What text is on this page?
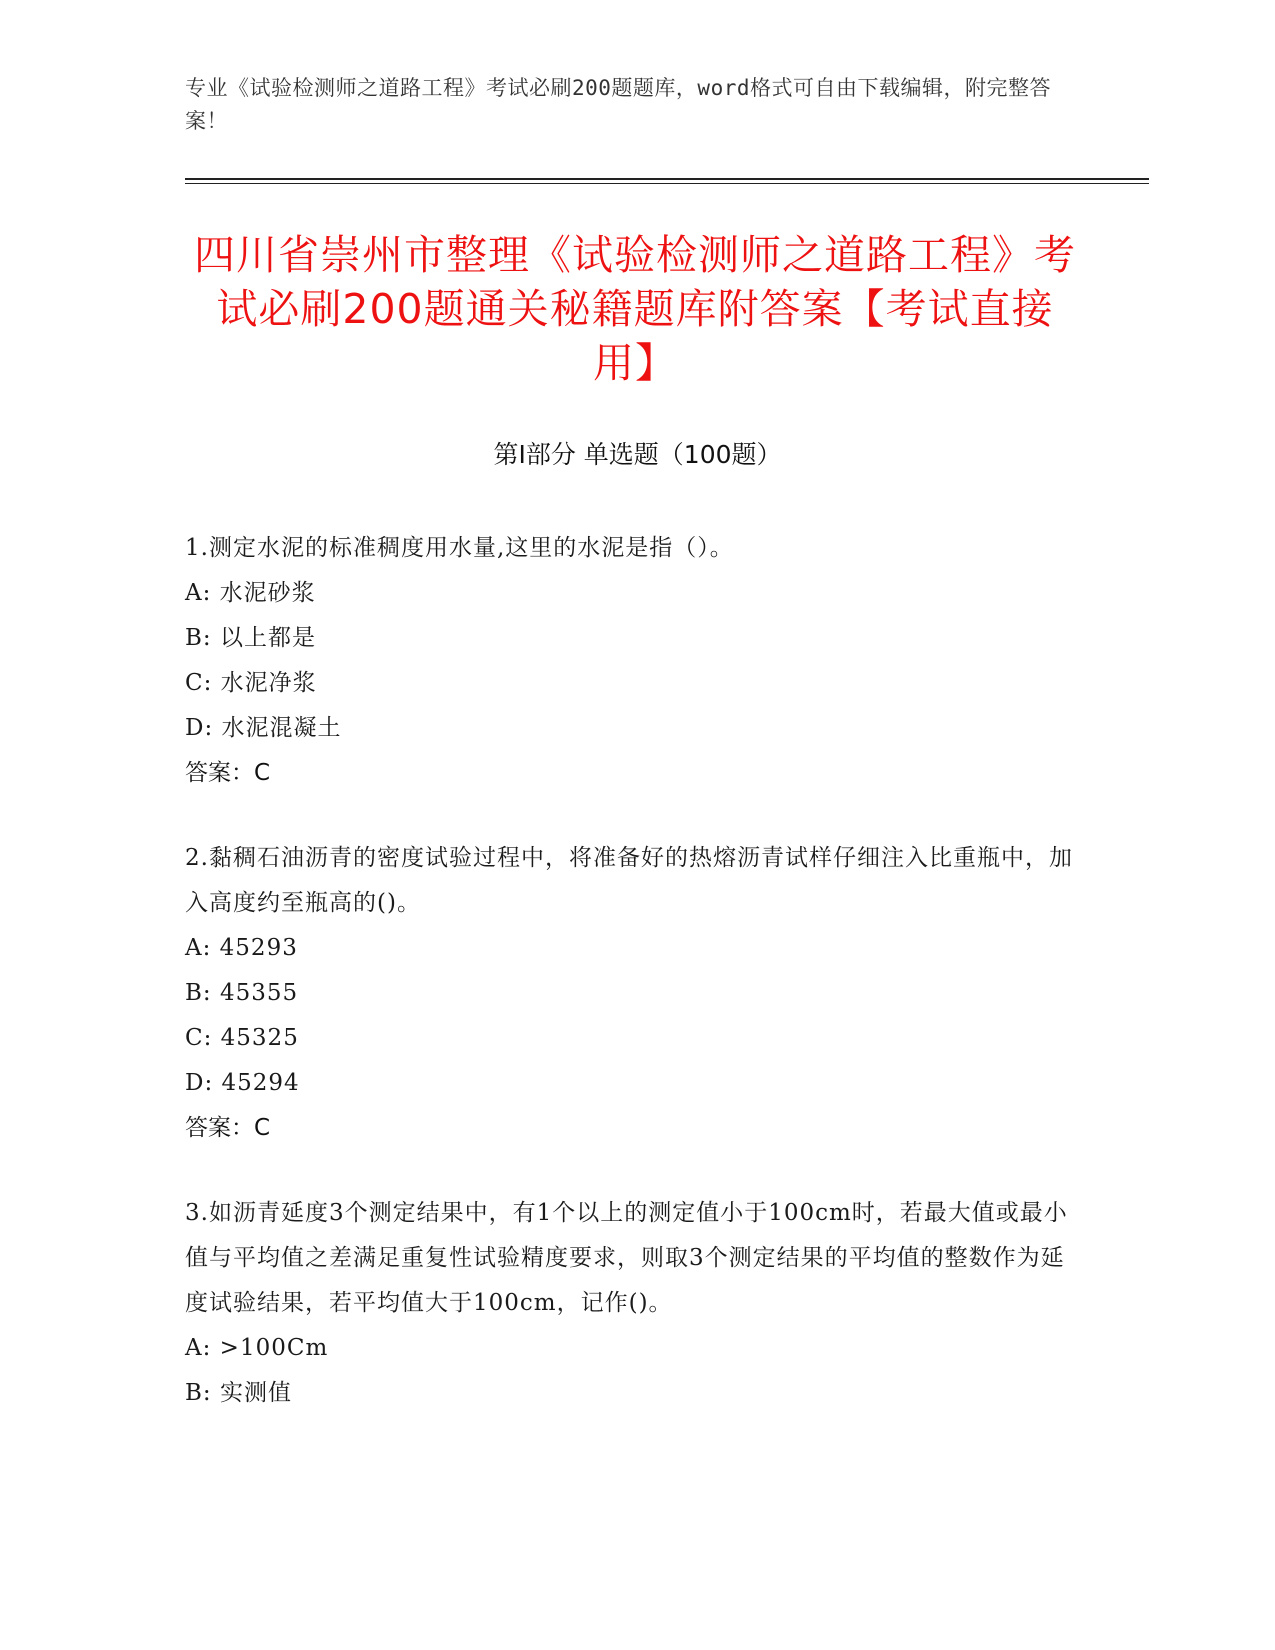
专业《试验检测师之道路工程》考试必刷200题题库，word格式可自由下载编辑，附完整答案！
四川省崇州市整理《试验检测师之道路工程》考试必刷200题通关秘籍题库附答案【考试直接用】
第Ⅰ部分 单选题（100题）
1.测定水泥的标准稠度用水量,这里的水泥是指（）。
A: 水泥砂浆
B: 以上都是
C: 水泥净浆
D: 水泥混凝土
答案：C
2.黏稠石油沥青的密度试验过程中，将准备好的热熔沥青试样仔细注入比重瓶中，加入高度约至瓶高的()。
A: 45293
B: 45355
C: 45325
D: 45294
答案：C
3.如沥青延度3个测定结果中，有1个以上的测定值小于100cm时，若最大值或最小值与平均值之差满足重复性试验精度要求，则取3个测定结果的平均值的整数作为延度试验结果，若平均值大于100cm，记作()。
A: >100Cm
B: 实测值
